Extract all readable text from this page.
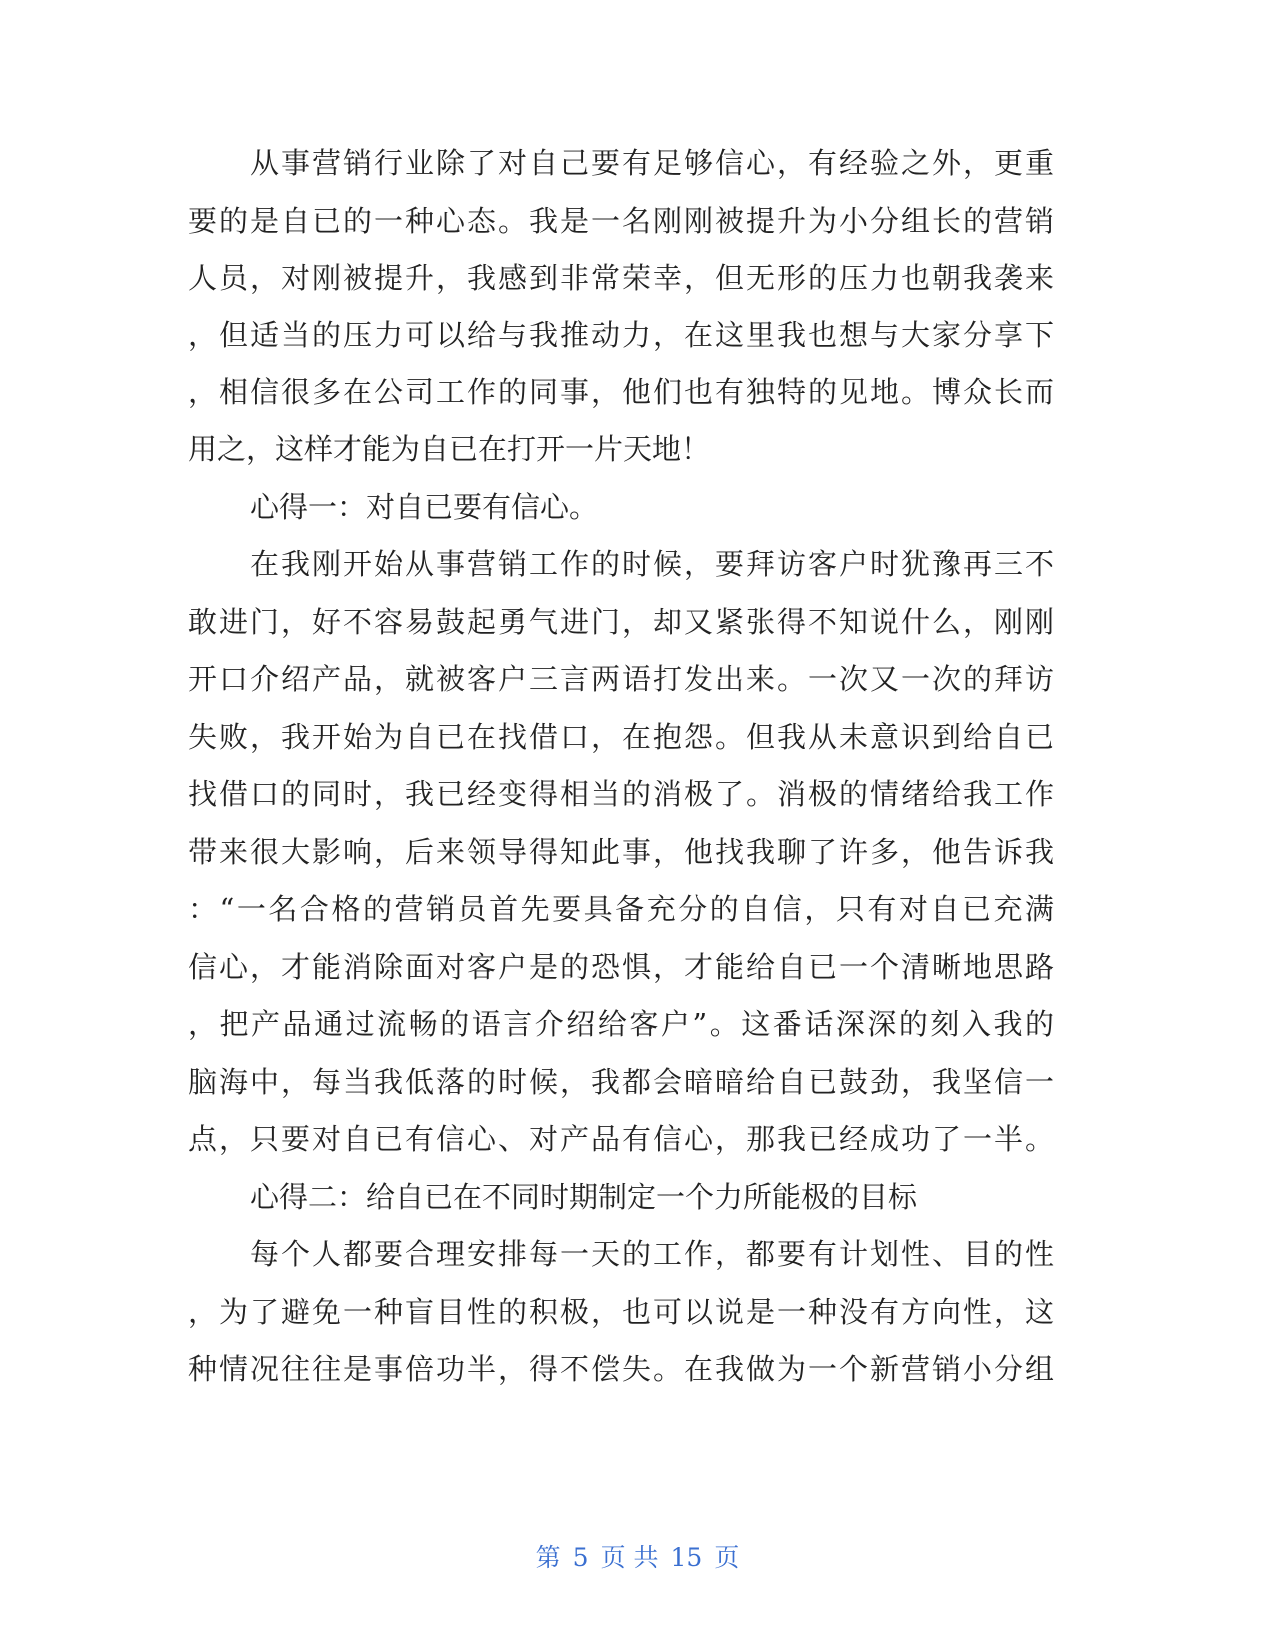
从事营销行业除了对自己要有足够信心，有经验之外，更重
要的是自已的一种心态。我是一名刚刚被提升为小分组长的营销
人员，对刚被提升，我感到非常荣幸，但无形的压力也朝我袭来
，但适当的压力可以给与我推动力，在这里我也想与大家分享下
，相信很多在公司工作的同事，他们也有独特的见地。博众长而
用之，这样才能为自已在打开一片天地！
心得一：对自已要有信心。
在我刚开始从事营销工作的时候，要拜访客户时犹豫再三不
敢进门，好不容易鼓起勇气进门，却又紧张得不知说什么，刚刚
开口介绍产品，就被客户三言两语打发出来。一次又一次的拜访
失败，我开始为自已在找借口，在抱怨。但我从未意识到给自已
找借口的同时，我已经变得相当的消极了。消极的情绪给我工作
带来很大影响，后来领导得知此事，他找我聊了许多，他告诉我
：“一名合格的营销员首先要具备充分的自信，只有对自已充满
信心，才能消除面对客户是的恐惧，才能给自已一个清晰地思路
，把产品通过流畅的语言介绍给客户”。这番话深深的刻入我的
脑海中，每当我低落的时候，我都会暗暗给自已鼓劲，我坚信一
点，只要对自已有信心、对产品有信心，那我已经成功了一半。
心得二：给自已在不同时期制定一个力所能极的目标
每个人都要合理安排每一天的工作，都要有计划性、目的性
，为了避免一种盲目性的积极，也可以说是一种没有方向性，这
种情况往往是事倍功半，得不偿失。在我做为一个新营销小分组
第 5 页 共 15 页
